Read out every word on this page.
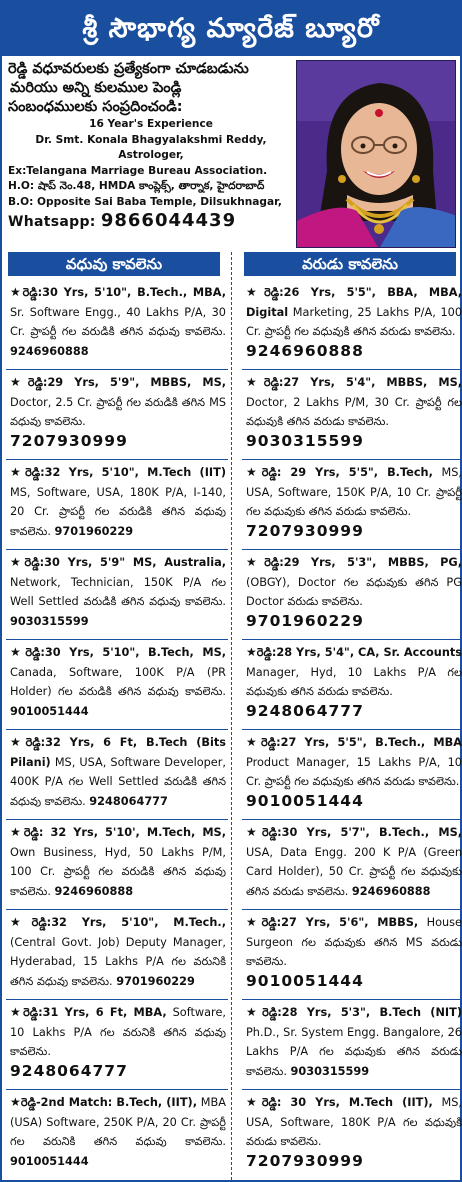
శ్రీ సౌభాగ్య మ్యారేజ్ బ్యూరో
రెడ్డి వధూవరులకు ప్రత్యేకంగా చూడబడును
మరియు అన్ని కులముల పెండ్లి
సంబంధములకు సంప్రదించండి:
16 Year's Experience
Dr. Smt. Konala Bhagyalakshmi Reddy,
Astrologer,
Ex:Telangana Marriage Bureau Association.
H.O: షాప్ నెం.48, HMDA కాంప్లెక్స్, తార్నాక, హైదరాబాద్
B.O: Opposite Sai Baba Temple, Dilsukhnagar,
Whatsapp: 9866044439
వధువు కావలెను	వరుడు కావలెను

★రెడ్డి:30 Yrs, 5'10", B.Tech., MBA, Sr. Software Engg., 40 Lakhs P/A, 30 Cr. ప్రాపర్టీ గల వరుడికి తగిన వధువు కావలెను. 9246960888

★రెడ్డి:29 Yrs, 5'9", MBBS, MS, Doctor, 2.5 Cr. ప్రాపర్టీ గల వరుడికి తగిన MS వధువు కావలెను.
7207930999

★రెడ్డి:32 Yrs, 5'10", M.Tech (IIT) MS, Software, USA, 180K P/A, I-140, 20 Cr. ప్రాపర్టీ గల వరుడికి తగిన వధువు కావలెను. 9701960229

★రెడ్డి:30 Yrs, 5'9" MS, Australia, Network, Technician, 150K P/A గల Well Settled వరుడికి తగిన వధువు కావలెను. 9030315599

★రెడ్డి:30 Yrs, 5'10", B.Tech, MS, Canada, Software, 100K P/A (PR Holder) గల వరుడికి తగిన వధువు కావలెను. 9010051444

★రెడ్డి:32 Yrs, 6 Ft, B.Tech (Bits Pilani) MS, USA, Software Developer, 400K P/A గల Well Settled వరుడికి తగిన వధువు కావలెను. 9248064777

★రెడ్డి: 32 Yrs, 5'10', M.Tech, MS, Own Business, Hyd, 50 Lakhs P/M, 100 Cr. ప్రాపర్టీ గల వరుడికి తగిన వధువు కావలెను. 9246960888

★రెడ్డి:32 Yrs, 5'10", M.Tech., (Central Govt. Job) Deputy Manager, Hyderabad, 15 Lakhs P/A గల వరునికి తగిన వధువు కావలెను. 9701960229

★రెడ్డి:31 Yrs, 6 Ft, MBA, Software, 10 Lakhs P/A గల వరునికి తగిన వధువు కావలెను.
9248064777

★రెడ్డి-2nd Match: B.Tech, (IIT), MBA (USA) Software, 250K P/A, 20 Cr. ప్రాపర్టీ గల వరునికి తగిన వధువు కావలెను. 9010051444

★రెడ్డి:26 Yrs, 5'5", BBA, MBA, Digital Marketing, 25 Lakhs P/A, 100 Cr. ప్రాపర్టీ గల వధువుకి తగిన వరుడు కావలెను.
9246960888

★రెడ్డి:27 Yrs, 5'4", MBBS, MS, Doctor, 2 Lakhs P/M, 30 Cr. ప్రాపర్టీ గల వధువుకి తగిన వరుడు కావలెను.
9030315599

★రెడ్డి: 29 Yrs, 5'5", B.Tech, MS, USA, Software, 150K P/A, 10 Cr. ప్రాపర్టీ గల వధువుకు తగిన వరుడు కావలెను.
7207930999

★రెడ్డి:29 Yrs, 5'3", MBBS, PG, (OBGY), Doctor గల వధువుకు తగిన PG Doctor వరుడు కావలెను.
9701960229

★రెడ్డి:28 Yrs, 5'4", CA, Sr. Accounts Manager, Hyd, 10 Lakhs P/A గల వధువుకు తగిన వరుడు కావలెను.
9248064777

★రెడ్డి:27 Yrs, 5'5", B.Tech., MBA Product Manager, 15 Lakhs P/A, 10 Cr. ప్రాపర్టీ గల వధువుకు తగిన వరుడు కావలెను.
9010051444

★రెడ్డి:30 Yrs, 5'7", B.Tech., MS, USA, Data Engg. 200 K P/A (Green Card Holder), 50 Cr. ప్రాపర్టీ గల వధువుకు తగిన వరుడు కావలెను. 9246960888

★రెడ్డి:27 Yrs, 5'6", MBBS, House Surgeon గల వధువుకు తగిన MS వరుడు కావలెను.
9010051444

★రెడ్డి:28 Yrs, 5'3", B.Tech (NIT) Ph.D., Sr. System Engg. Bangalore, 26 Lakhs P/A గల వధువుకు తగిన వరుడు కావలెను. 9030315599

★రెడ్డి: 30 Yrs, M.Tech (IIT), MS, USA, Software, 180K P/A గల వధువుకి వరుడు కావలెను.
7207930999
